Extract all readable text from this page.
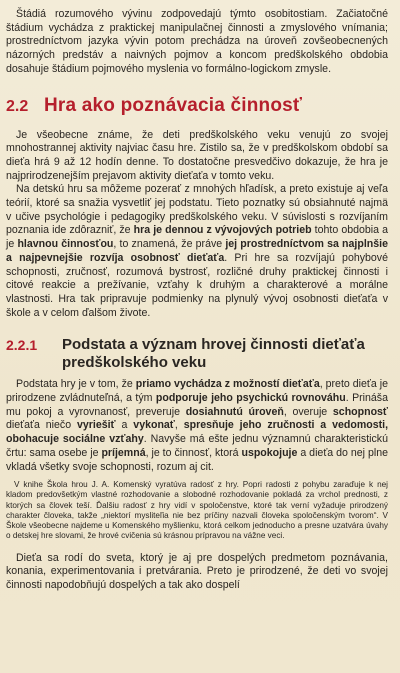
Štádiá rozumového vývinu zodpovedajú týmto osobitostiam. Začiatočné štádium vychádza z praktickej manipulačnej činnosti a zmyslového vnímania; prostredníctvom jazyka vývin potom prechádza na úroveň zovšeobecnených názorných predstáv a naivných pojmov a koncom predškolského obdobia dosahuje štádium pojmového myslenia vo formálno-logickom zmysle.

2.2 Hra ako poznávacia činnosť

Je všeobecne známe, že deti predškolského veku venujú zo svojej mnohostrannej aktivity najviac času hre. Zistilo sa, že v predškolskom období sa dieťa hrá 9 až 12 hodín denne. To dostatočne presvedčivo dokazuje, že hra je najprirodzenejším prejavom aktivity dieťaťa v tomto veku.

Na detskú hru sa môžeme pozerať z mnohých hľadísk, a preto existuje aj veľa teórií, ktoré sa snažia vysvetliť jej podstatu. Tieto poznatky sú obsiahnuté najmä v učive psychológie i pedagogiky predškolského veku. V súvislosti s rozvíjaním poznania ide zdôrazniť, že hra je dennou z vývojových potrieb tohto obdobia a je hlavnou činnosťou, to znamená, že práve jej prostredníctvom sa najplnšie a najpevnejšie rozvíja osobnosť dieťaťa. Pri hre sa rozvíjajú pohybové schopnosti, zručnosť, rozumová bystrosť, rozličné druhy praktickej činnosti i citové reakcie a prežívanie, vzťahy k druhým a charakterové a morálne vlastnosti. Hra tak pripravuje podmienky na plynulý vývoj osobnosti dieťaťa v škole a v celom ďalšom živote.

2.2.1	Podstata a význam hrovej činnosti dieťaťa predškolského veku

Podstata hry je v tom, že priamo vychádza z možností dieťaťa, preto dieťa je prirodzene zvládnuteľná, a tým podporuje jeho psychickú rovnováhu. Prináša mu pokoj a vyrovnanosť, preveruje dosiahnutú úroveň, overuje schopnosť dieťaťa niečo vyriešiť a vykonať, spresňuje jeho zručnosti a vedomosti, obohacuje sociálne vzťahy. Navyše má ešte jednu významnú charakteristickú črtu: sama osebe je príjemná, je to činnosť, ktorá uspokojuje a dieťa do nej plne vkladá všetky svoje schopnosti, rozum aj cit.

V knihe Škola hrou J. A. Komenský vyratúva radosť z hry. Popri radosti z pohybu zaraďuje k nej kladom predovšetkým vlastné rozhodovanie a slobodné rozhodovanie pokladá za vrchol prednosti, z ktorých sa človek teší. Ďalšiu radosť z hry vidí v spoločenstve, ktoré tak verní vyžaduje prirodzený charakter človeka, takže „niektorí mysliteľia nie bez príčiny nazvali človeka spoločenským tvorom“. V Škole všeobecne najdeme u Komenského myšlienku, ktorá celkom jednoducho a presne uzatvára úvahy o detskej hre slovami, že hrové cvičenia sú krásnou prípravou na vážne veci.

Dieťa sa rodí do sveta, ktorý je aj pre dospelých predmetom poznávania, konania, experimentovania i pretvárania. Preto je prirodzené, že deti vo svojej činnosti napodobňujú dospelých a tak ako dospelí
